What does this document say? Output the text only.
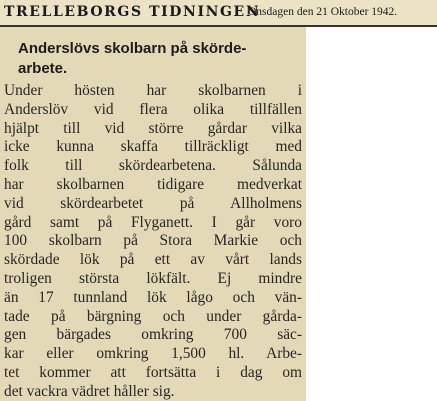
TRELLEBORGS TIDNINGEN
Onsdagen den 21 Oktober 1942.
Anderslövs skolbarn på skörde-
arbete.
Under hösten har skolbarnen i
Anderslöv vid flera olika tillfällen
hjälpt till vid större gårdar vilka
icke kunna skaffa tillräckligt med
folk till skördearbetena. Sålunda
har skolbarnen tidigare medverkat
vid skördearbetet på Allholmens
gård samt på Flyganett. I går voro
100 skolbarn på Stora Markie och
skördade lök på ett av vårt lands
troligen största lökfält. Ej mindre
än 17 tunnland lök lågo och vän-
tade på bärgning och under gårda-
gen bärgades omkring 700 säc-
kar eller omkring 1,500 hl. Arbe-
tet kommer att fortsätta i dag om
det vackra vädret håller sig.
